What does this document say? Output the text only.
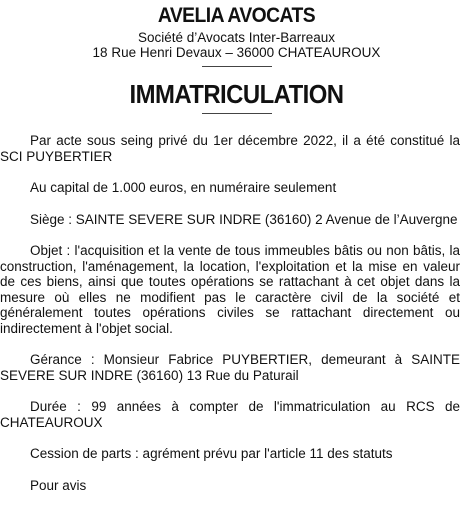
AVELIA AVOCATS
Société d’Avocats Inter-Barreaux
18 Rue Henri Devaux – 36000 CHATEAUROUX
IMMATRICULATION

Par acte sous seing privé du 1er décembre 2022, il a été constitué la SCI PUYBERTIER

Au capital de 1.000 euros, en numéraire seulement

Siège : SAINTE SEVERE SUR INDRE (36160) 2 Avenue de l’Auvergne

Objet : l'acquisition et la vente de tous immeubles bâtis ou non bâtis, la construction, l'aménagement, la location, l'exploitation et la mise en valeur de ces biens, ainsi que toutes opérations se rattachant à cet objet dans la mesure où elles ne modifient pas le caractère civil de la société et généralement toutes opérations civiles se rattachant directement ou indirectement à l'objet social.

Gérance : Monsieur Fabrice PUYBERTIER, demeurant à SAINTE SEVERE SUR INDRE (36160) 13 Rue du Paturail

Durée : 99 années à compter de l'immatriculation au RCS de CHATEAUROUX

Cession de parts : agrément prévu par l'article 11 des statuts

Pour avis
